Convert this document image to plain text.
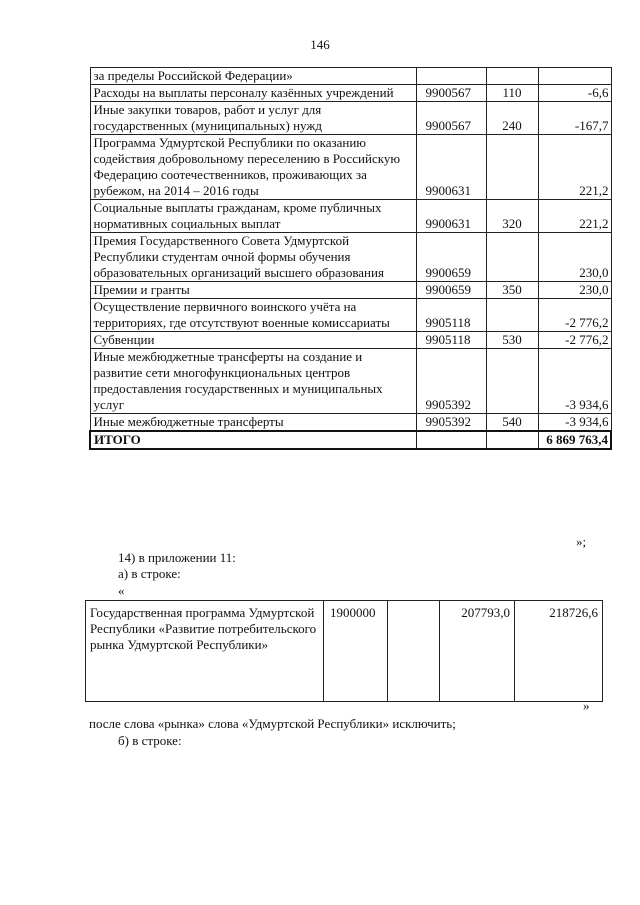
146
за пределы Российской Федерации»			
Расходы на выплаты персоналу казённых учреждений	9900567	110	-6,6
Иные закупки товаров, работ и услуг для государственных (муниципальных) нужд	9900567	240	-167,7
Программа Удмуртской Республики по оказанию содействия добровольному переселению в Российскую Федерацию соотечественников, проживающих за рубежом, на 2014 – 2016 годы	9900631		221,2
Социальные выплаты гражданам, кроме публичных нормативных социальных выплат	9900631	320	221,2
Премия Государственного Совета Удмуртской Республики студентам очной формы обучения образовательных организаций высшего образования	9900659		230,0
Премии и гранты	9900659	350	230,0
Осуществление первичного воинского учёта на территориях, где отсутствуют военные комиссариаты	9905118		-2 776,2
Субвенции	9905118	530	-2 776,2
Иные межбюджетные трансферты на создание и развитие сети многофункциональных центров предоставления государственных и муниципальных услуг	9905392		-3 934,6
Иные межбюджетные трансферты	9905392	540	-3 934,6
ИТОГО			6 869 763,4
»;
14) в приложении 11:
а) в строке:
«
Государственная программа Удмуртской Республики «Развитие потребительского рынка Удмуртской Республики»	1900000		207793,0	218726,6
»
после слова «рынка» слова «Удмуртской Республики» исключить;
б) в строке:
